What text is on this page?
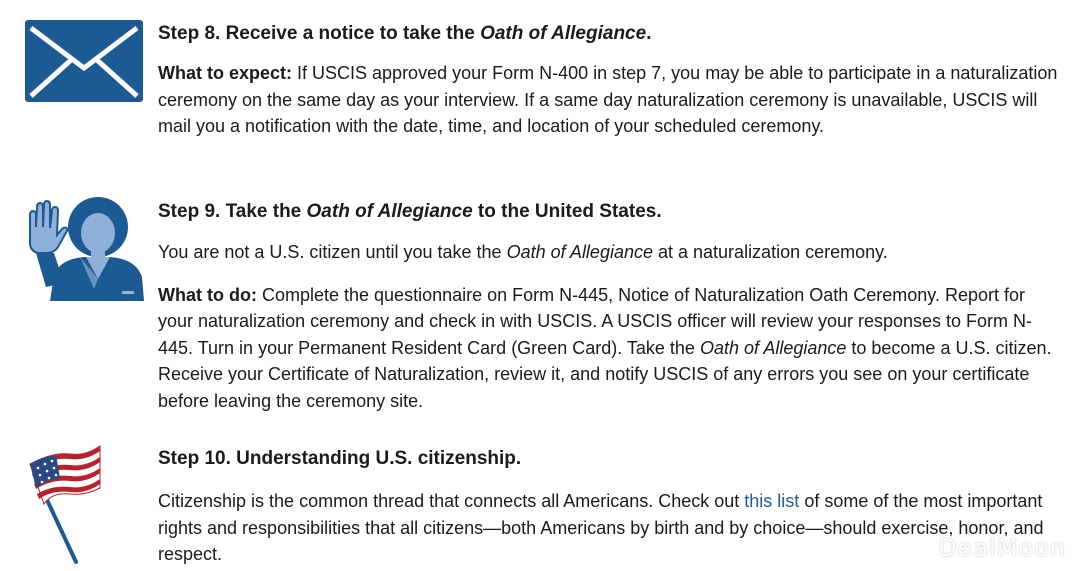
Step 8. Receive a notice to take the Oath of Allegiance.

What to expect: If USCIS approved your Form N-400 in step 7, you may be able to participate in a naturalization ceremony on the same day as your interview. If a same day naturalization ceremony is unavailable, USCIS will mail you a notification with the date, time, and location of your scheduled ceremony.

Step 9. Take the Oath of Allegiance to the United States.

You are not a U.S. citizen until you take the Oath of Allegiance at a naturalization ceremony.

What to do: Complete the questionnaire on Form N-445, Notice of Naturalization Oath Ceremony. Report for your naturalization ceremony and check in with USCIS. A USCIS officer will review your responses to Form N-445. Turn in your Permanent Resident Card (Green Card). Take the Oath of Allegiance to become a U.S. citizen. Receive your Certificate of Naturalization, review it, and notify USCIS of any errors you see on your certificate before leaving the ceremony site.

Step 10. Understanding U.S. citizenship.

Citizenship is the common thread that connects all Americans. Check out this list of some of the most important rights and responsibilities that all citizens—both Americans by birth and by choice—should exercise, honor, and respect.	DealMoon
